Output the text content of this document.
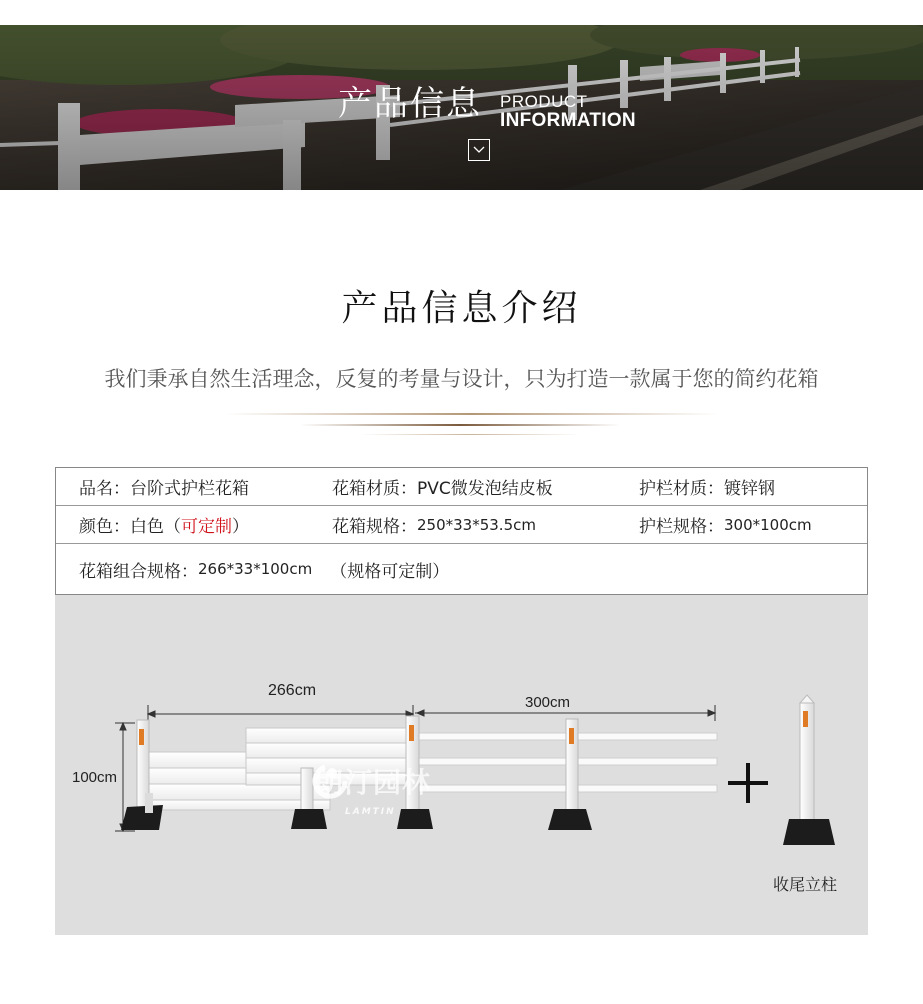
产品信息 PRODUCT
INFORMATION
产品信息介绍
我们秉承自然生活理念，反复的考量与设计，只为打造一款属于您的简约花箱
品名： 台阶式护栏花箱	花箱材质： PVC微发泡结皮板	护栏材质： 镀锌钢
颜色： 白色（ 可定制 ）	花箱规格： 250*33*53.5cm	护栏规格： 300*100cm
花箱组合规格： 266*33*100cm （规格可定制）
266cm
300cm
100cm	朗汀园林
LAMTIN
收尾立柱
